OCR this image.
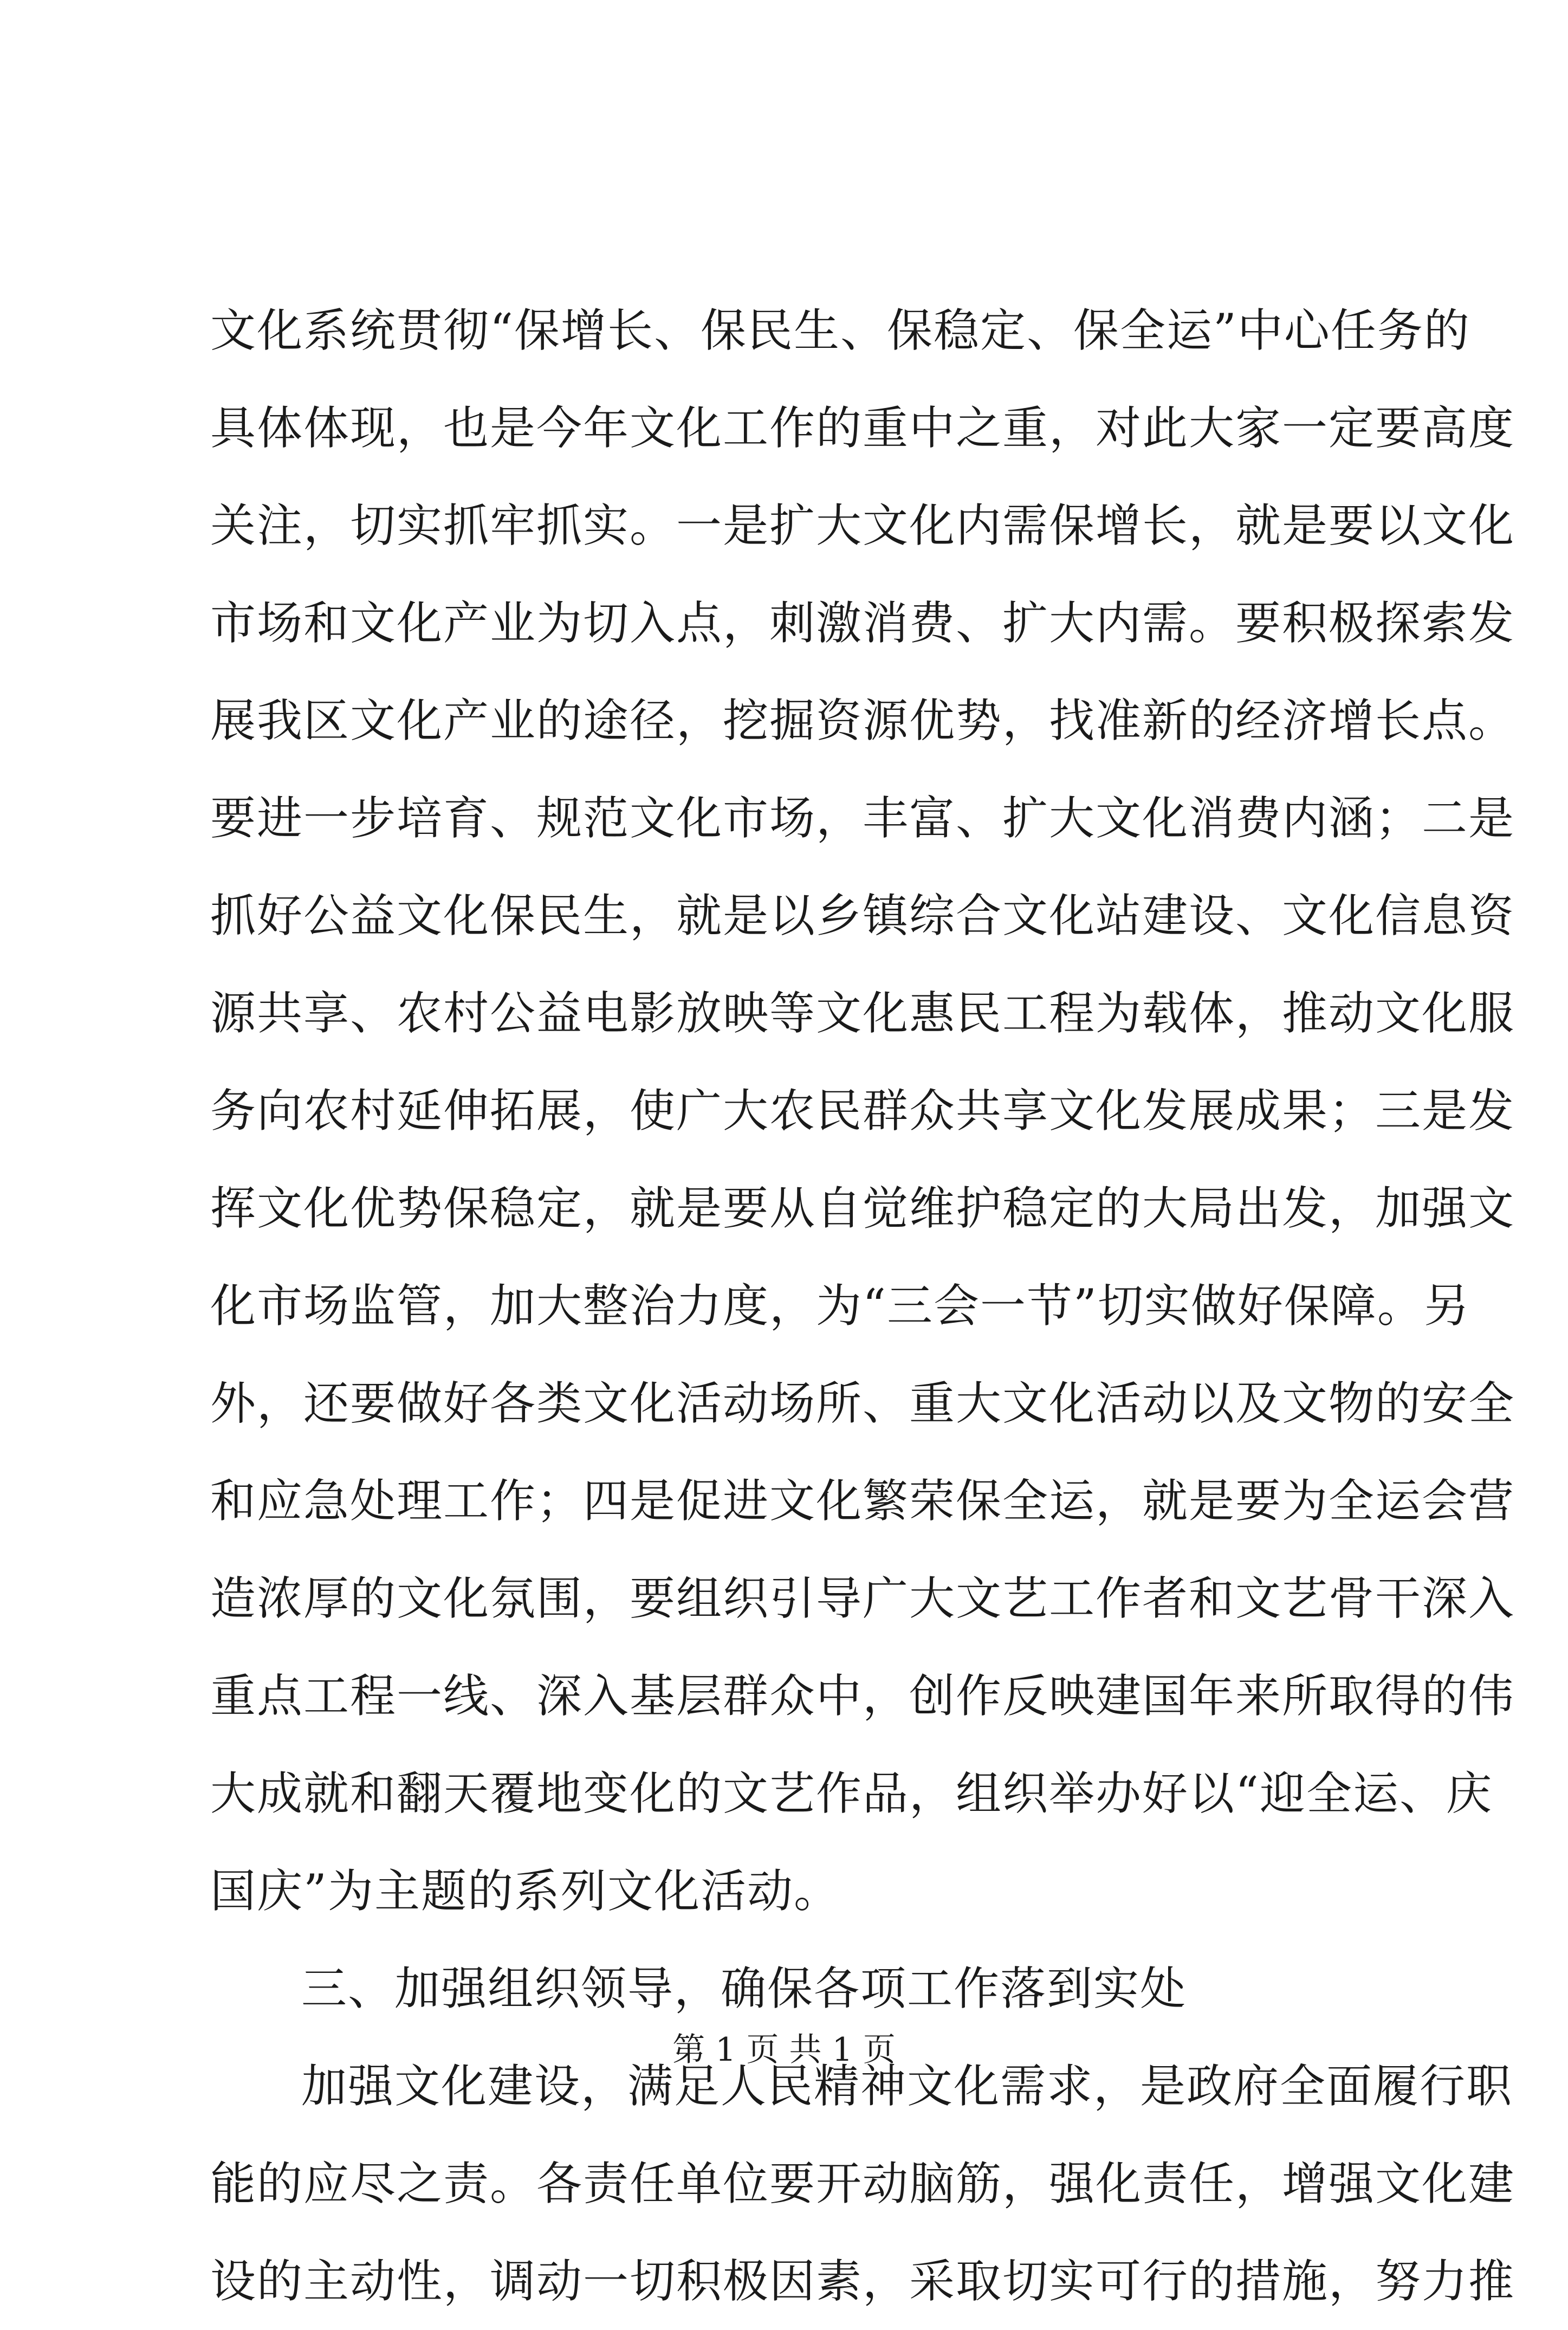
文化系统贯彻“保增长、保民生、保稳定、保全运”中心任务的
具体体现，也是今年文化工作的重中之重，对此大家一定要高度
关注，切实抓牢抓实。一是扩大文化内需保增长，就是要以文化
市场和文化产业为切入点，刺激消费、扩大内需。要积极探索发
展我区文化产业的途径，挖掘资源优势，找准新的经济增长点。
要进一步培育、规范文化市场，丰富、扩大文化消费内涵；二是
抓好公益文化保民生，就是以乡镇综合文化站建设、文化信息资
源共享、农村公益电影放映等文化惠民工程为载体，推动文化服
务向农村延伸拓展，使广大农民群众共享文化发展成果；三是发
挥文化优势保稳定，就是要从自觉维护稳定的大局出发，加强文
化市场监管，加大整治力度，为“三会一节”切实做好保障。另
外，还要做好各类文化活动场所、重大文化活动以及文物的安全
和应急处理工作；四是促进文化繁荣保全运，就是要为全运会营
造浓厚的文化氛围，要组织引导广大文艺工作者和文艺骨干深入
重点工程一线、深入基层群众中，创作反映建国年来所取得的伟
大成就和翻天覆地变化的文艺作品，组织举办好以“迎全运、庆
国庆”为主题的系列文化活动。
三、加强组织领导，确保各项工作落到实处
加强文化建设，满足人民精神文化需求，是政府全面履行职
能的应尽之责。各责任单位要开动脑筋，强化责任，增强文化建
设的主动性，调动一切积极因素，采取切实可行的措施，努力推
第 1 页 共 1 页
